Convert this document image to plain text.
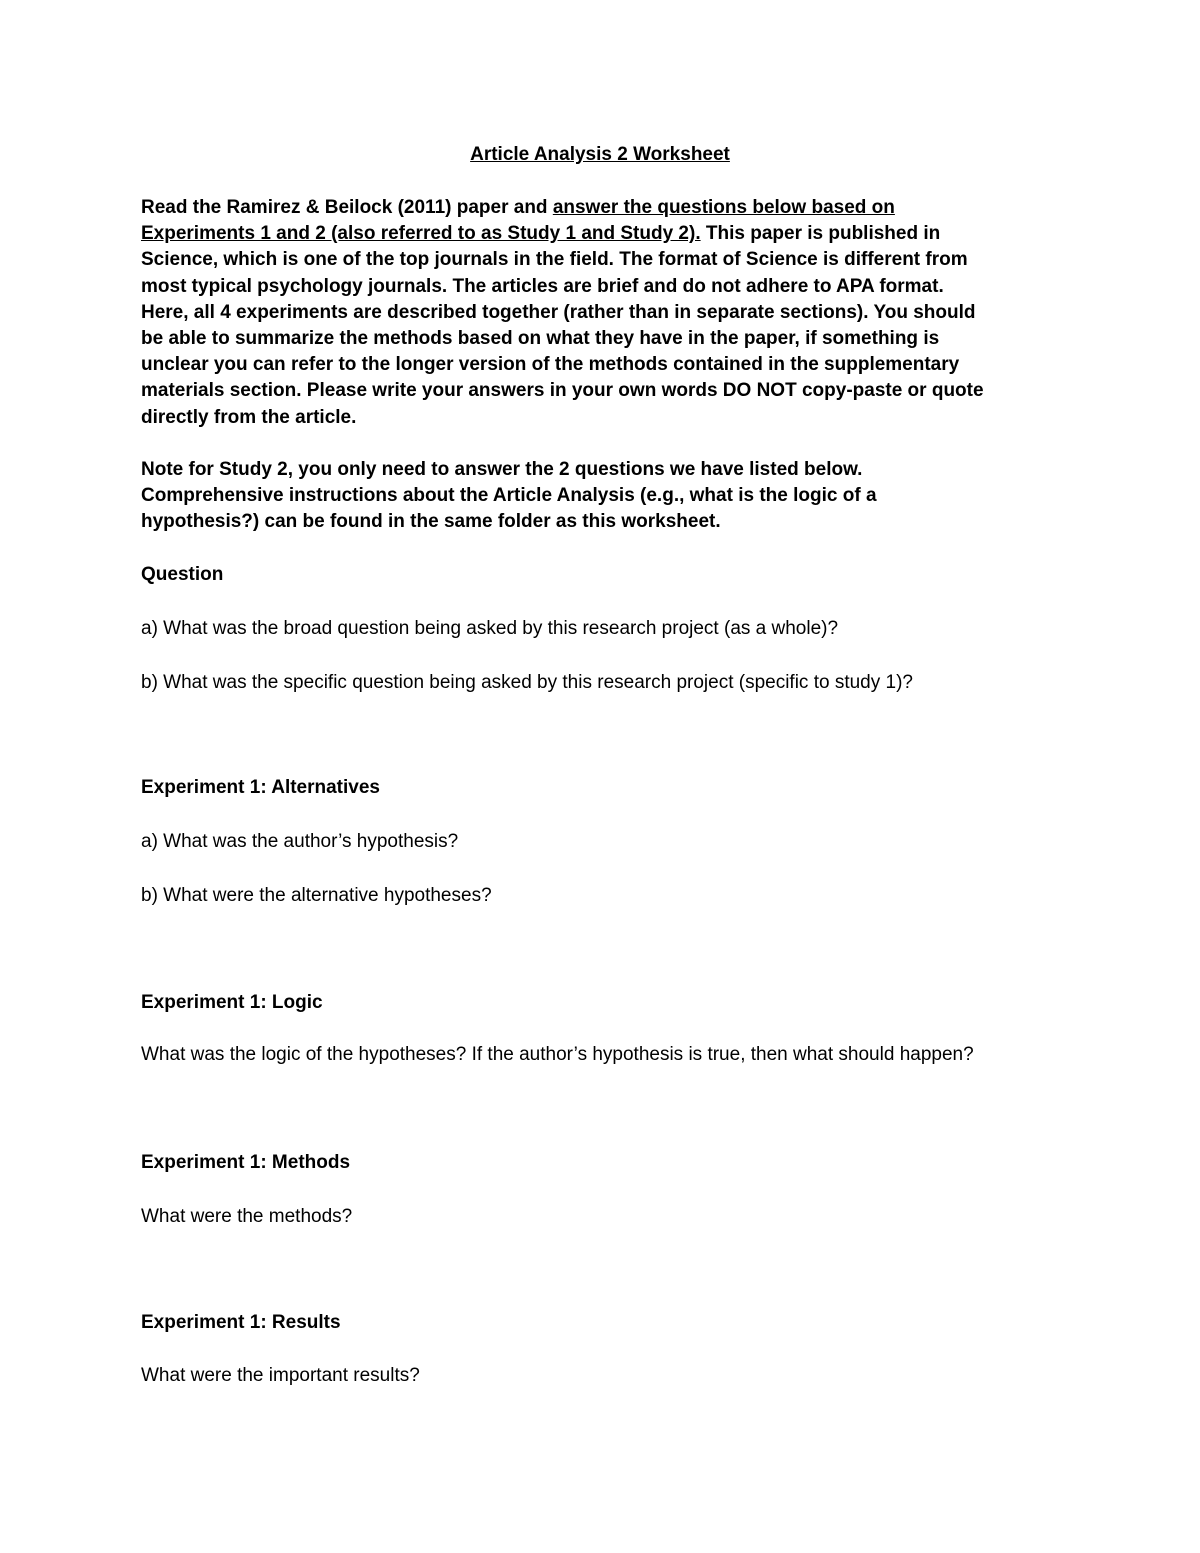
Article Analysis 2 Worksheet

Read the Ramirez & Beilock (2011) paper and answer the questions below based on
Experiments 1 and 2 (also referred to as Study 1 and Study 2). This paper is published in
Science, which is one of the top journals in the field. The format of Science is different from
most typical psychology journals. The articles are brief and do not adhere to APA format.
Here, all 4 experiments are described together (rather than in separate sections). You should
be able to summarize the methods based on what they have in the paper, if something is
unclear you can refer to the longer version of the methods contained in the supplementary
materials section. Please write your answers in your own words DO NOT copy-paste or quote
directly from the article.
Note for Study 2, you only need to answer the 2 questions we have listed below.
Comprehensive instructions about the Article Analysis (e.g., what is the logic of a
hypothesis?) can be found in the same folder as this worksheet.

Question

a) What was the broad question being asked by this research project (as a whole)?

b) What was the specific question being asked by this research project (specific to study 1)?

Experiment 1: Alternatives

a) What was the author’s hypothesis?

b) What were the alternative hypotheses?

Experiment 1: Logic

What was the logic of the hypotheses? If the author’s hypothesis is true, then what should happen?

Experiment 1: Methods

What were the methods?

Experiment 1: Results

What were the important results?
